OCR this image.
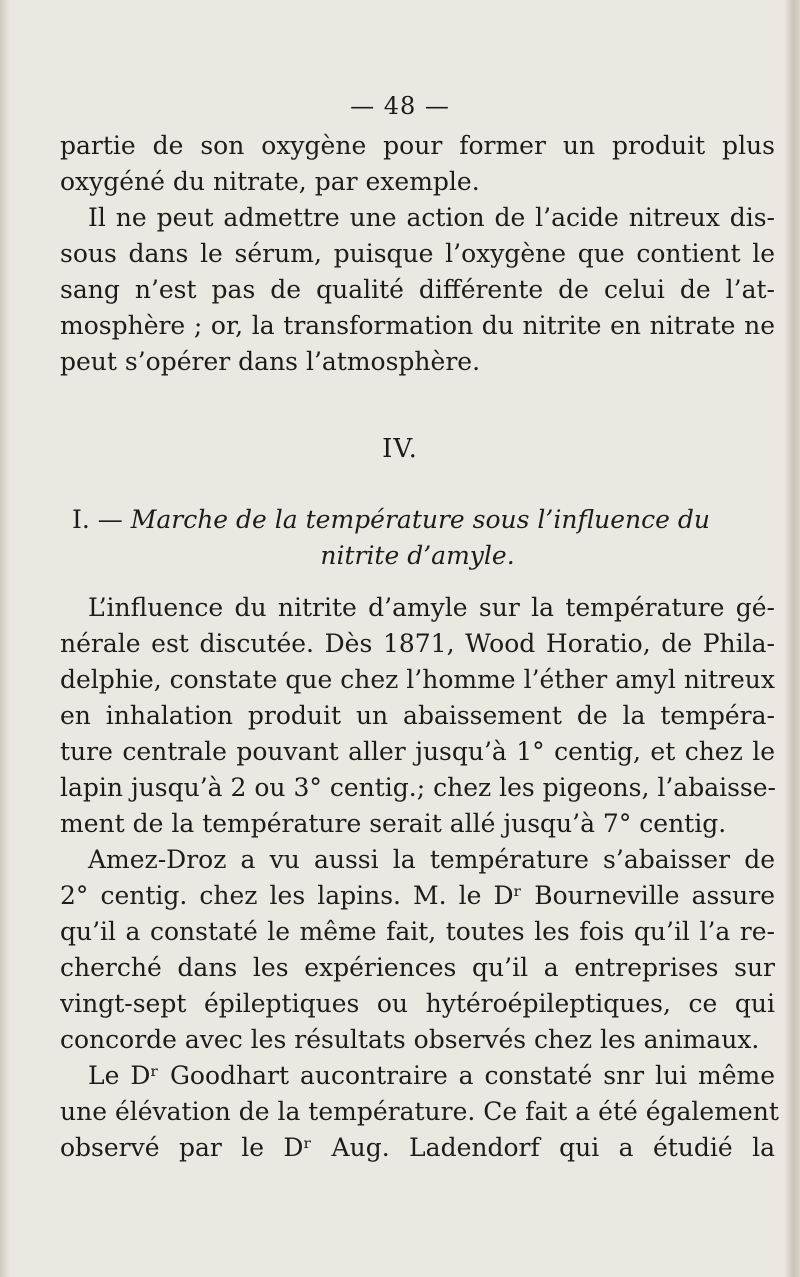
— 48 —
partie de son oxygène pour former un produit plus
oxygéné du nitrate, par exemple.
Il ne peut admettre une action de l’acide nitreux dis-
sous dans le sérum, puisque l’oxygène que contient le
sang n’est pas de qualité différente de celui de l’at-
mosphère ; or, la transformation du nitrite en nitrate ne
peut s’opérer dans l’atmosphère.
IV.
I. — Marche de la température sous l’influence du
nitrite d’amyle.
L’influence du nitrite d’amyle sur la température gé-
nérale est discutée. Dès 1871, Wood Horatio, de Phila-
delphie, constate que chez l’homme l’éther amyl nitreux
en inhalation produit un abaissement de la tempéra-
ture centrale pouvant aller jusqu’à 1° centig, et chez le
lapin jusqu’à 2 ou 3° centig.; chez les pigeons, l’abaisse-
ment de la température serait allé jusqu’à 7° centig.
Amez-Droz a vu aussi la température s’abaisser de
2° centig. chez les lapins. M. le Dʳ Bourneville assure
qu’il a constaté le même fait, toutes les fois qu’il l’a re-
cherché dans les expériences qu’il a entreprises sur
vingt-sept épileptiques ou hytéroépileptiques, ce qui
concorde avec les résultats observés chez les animaux.
Le Dʳ Goodhart aucontraire a constaté snr lui même
une élévation de la température. Ce fait a été également
observé par le Dʳ Aug. Ladendorf qui a étudié la
